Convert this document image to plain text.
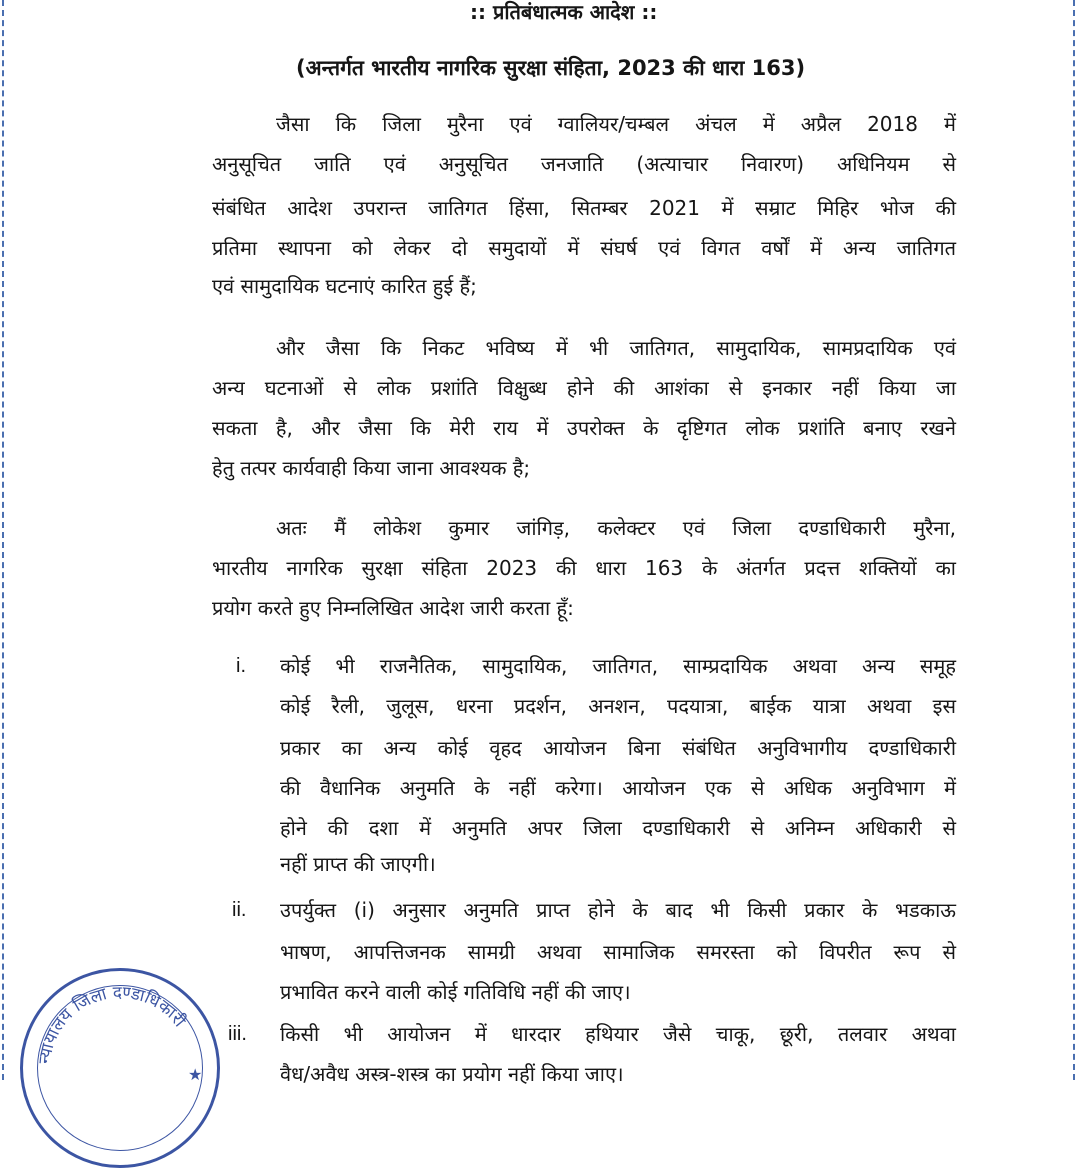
:: प्रतिबंधात्मक आदेश ::
(अन्तर्गत भारतीय नागरिक सुरक्षा संहिता, 2023 की धारा 163)
जैसा कि जिला मुरैना एवं ग्वालियर/चम्बल अंचल में अप्रैल 2018 में
अनुसूचित जाति एवं अनुसूचित जनजाति (अत्याचार निवारण) अधिनियम से
संबंधित आदेश उपरान्त जातिगत हिंसा, सितम्बर 2021 में सम्राट मिहिर भोज की
प्रतिमा स्थापना को लेकर दो समुदायों में संघर्ष एवं विगत वर्षों में अन्य जातिगत
एवं सामुदायिक घटनाएं कारित हुई हैं;
और जैसा कि निकट भविष्य में भी जातिगत, सामुदायिक, सामप्रदायिक एवं
अन्य घटनाओं से लोक प्रशांति विक्षुब्ध होने की आशंका से इनकार नहीं किया जा
सकता है, और जैसा कि मेरी राय में उपरोक्त के दृष्टिगत लोक प्रशांति बनाए रखने
हेतु तत्पर कार्यवाही किया जाना आवश्यक है;
अतः मैं लोकेश कुमार जांगिड़, कलेक्टर एवं जिला दण्डाधिकारी मुरैना,
भारतीय नागरिक सुरक्षा संहिता 2023 की धारा 163 के अंतर्गत प्रदत्त शक्तियों का
प्रयोग करते हुए निम्नलिखित आदेश जारी करता हूँ:
i. कोई भी राजनैतिक, सामुदायिक, जातिगत, साम्प्रदायिक अथवा अन्य समूह
कोई रैली, जुलूस, धरना प्रदर्शन, अनशन, पदयात्रा, बाईक यात्रा अथवा इस
प्रकार का अन्य कोई वृहद आयोजन बिना संबंधित अनुविभागीय दण्डाधिकारी
की वैधानिक अनुमति के नहीं करेगा। आयोजन एक से अधिक अनुविभाग में
होने की दशा में अनुमति अपर जिला दण्डाधिकारी से अनिम्न अधिकारी से
नहीं प्राप्त की जाएगी।
ii. उपर्युक्त (i) अनुसार अनुमति प्राप्त होने के बाद भी किसी प्रकार के भडकाऊ
भाषण, आपत्तिजनक सामग्री अथवा सामाजिक समरस्ता को विपरीत रूप से
प्रभावित करने वाली कोई गतिविधि नहीं की जाए।
iii. किसी भी आयोजन में धारदार हथियार जैसे चाकू, छूरी, तलवार अथवा
वैध/अवैध अस्त्र-शस्त्र का प्रयोग नहीं किया जाए।
न्यायालय जिला दण्डाधिकारी
★
